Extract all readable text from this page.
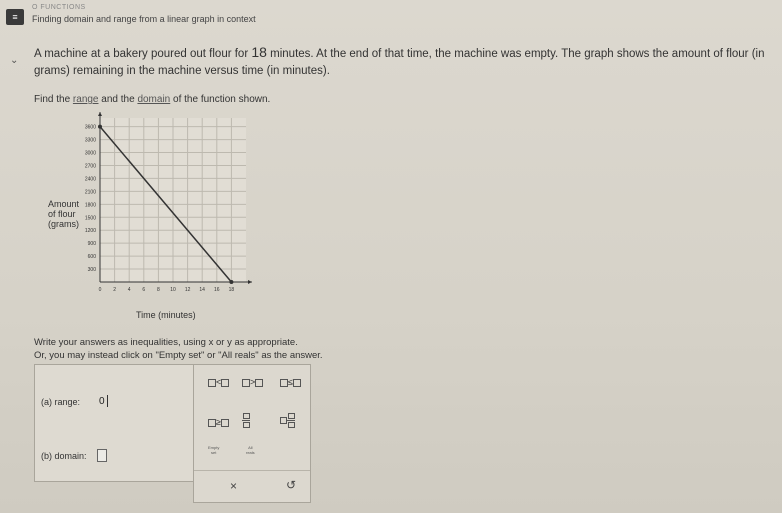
≡
O FUNCTIONS
Finding domain and range from a linear graph in context
⌄
A machine at a bakery poured out flour for 18 minutes. At the end of that time, the machine was empty. The graph shows the amount of flour (in grams) remaining in the machine versus time (in minutes).
Find the range and the domain of the function shown.
0 2 4 6 8 10 12 14 16 18
300
600
900
1200
1500
1800
2100
2400
2700
3000
3300
3600
Time (minutes)
Amount
of flour
(grams)
Write your answers as inequalities, using x or y as appropriate.
Or, you may instead click on "Empty set" or "All reals" as the answer.
(a) range: 0
(b) domain:
<	>	≤
≥
Empty
set
All
reals
×	↺
